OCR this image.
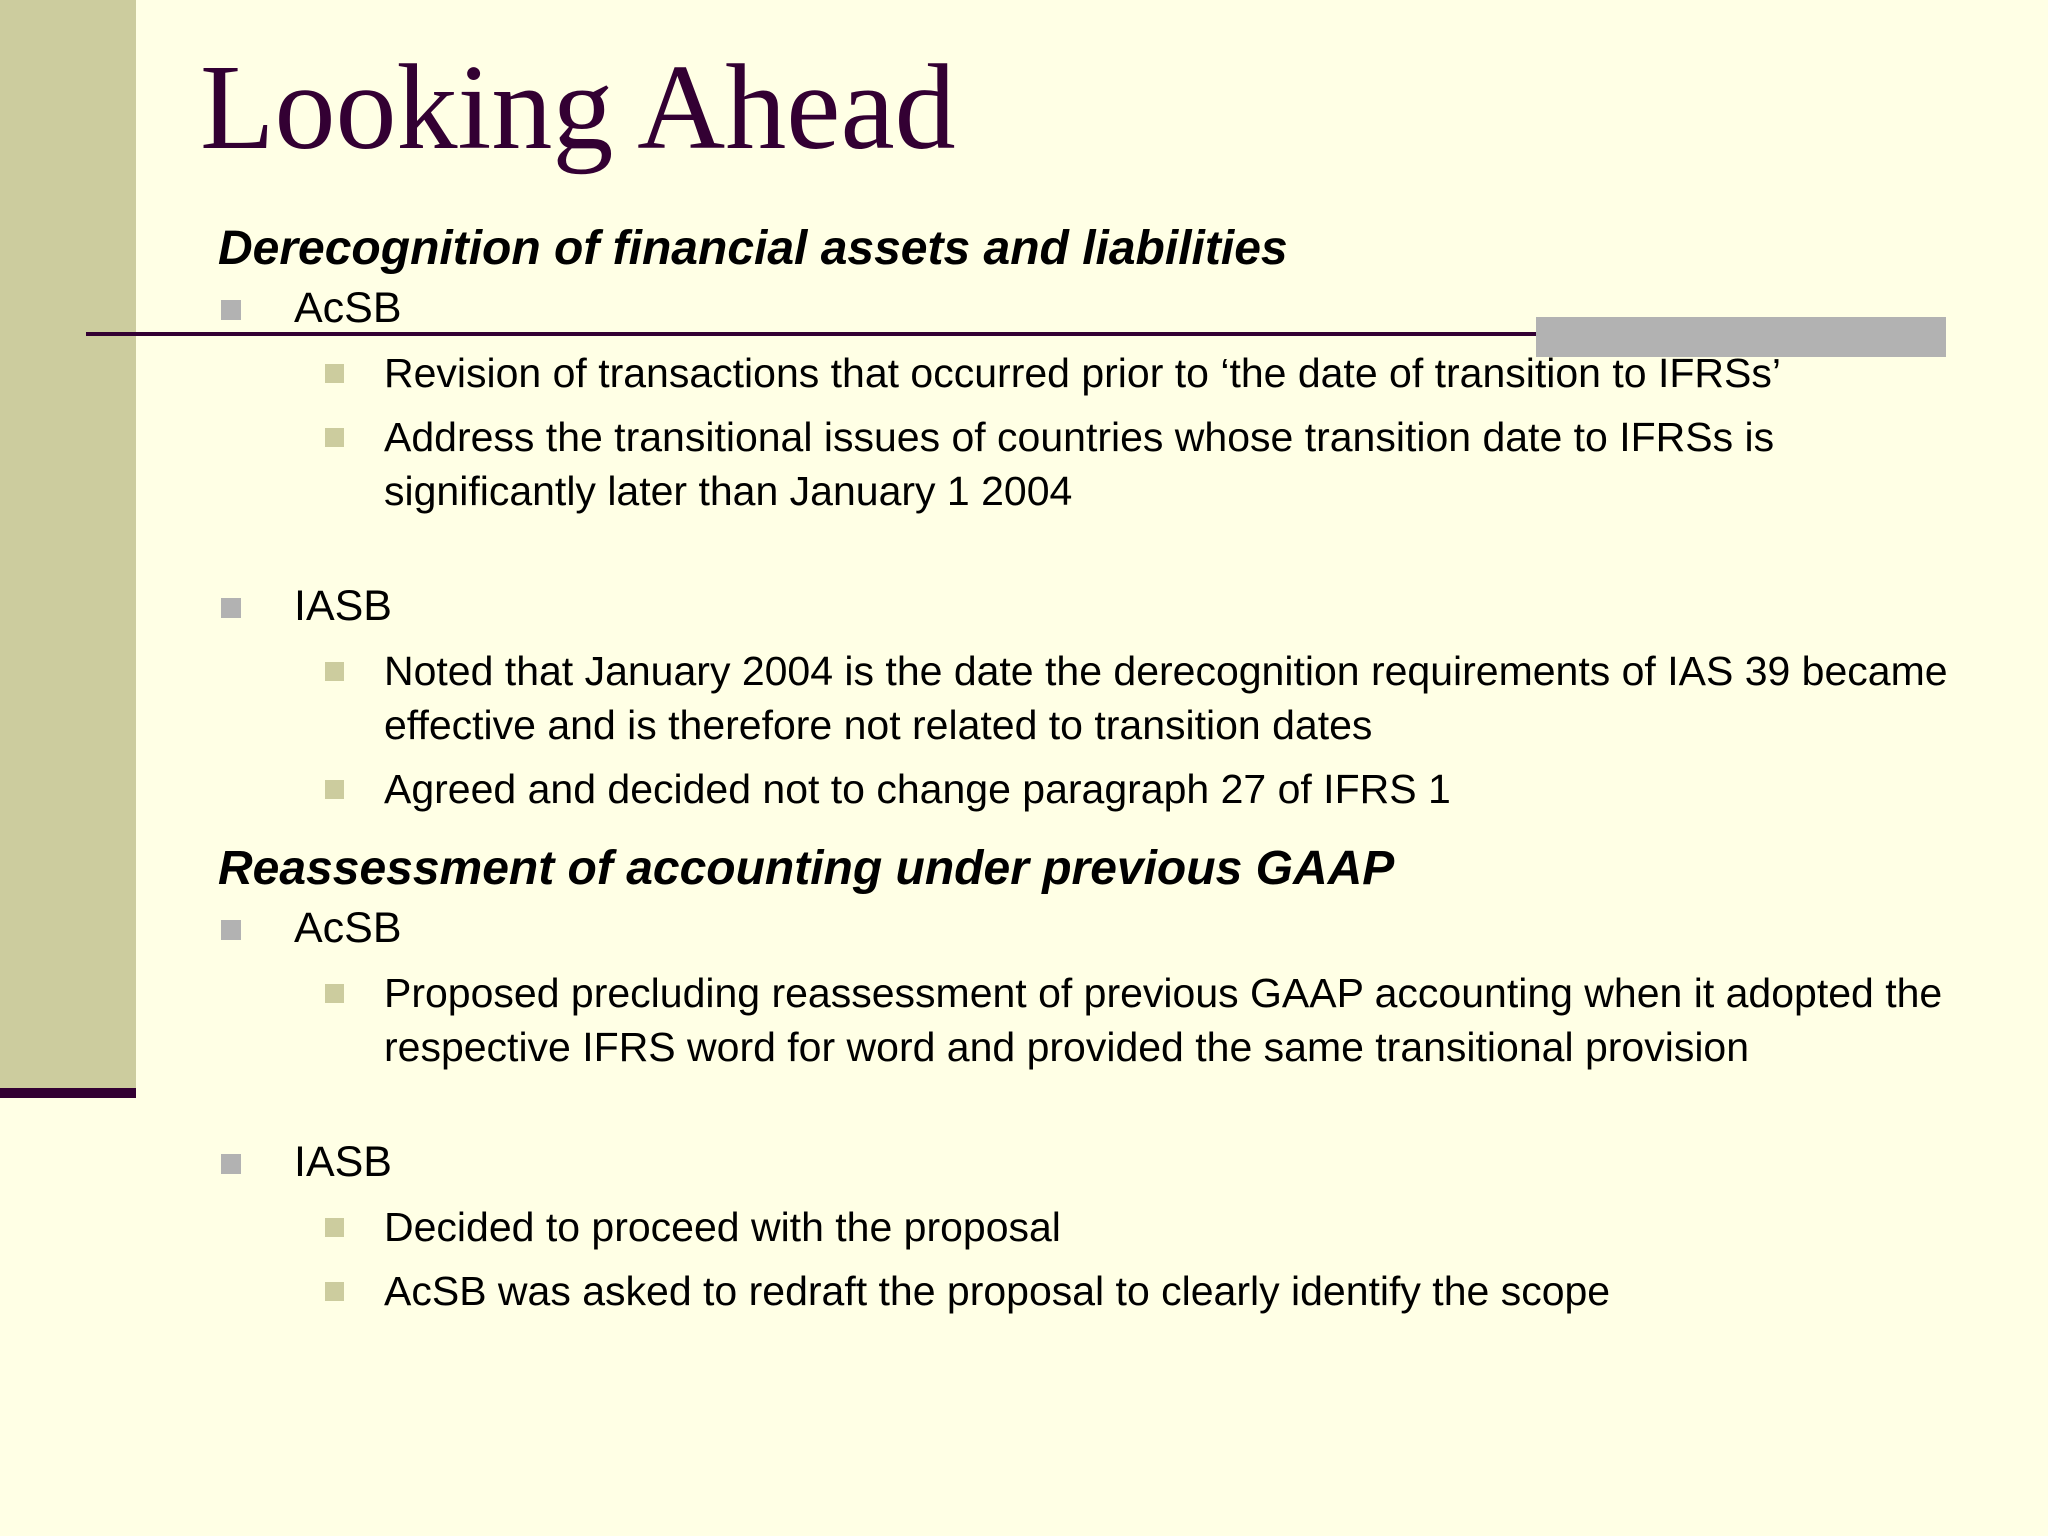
Looking Ahead
Derecognition of financial assets and liabilities
AcSB
Revision of transactions that occurred prior to ‘the date of transition to IFRSs’
Address the transitional issues of countries whose transition date to IFRSs is significantly later than January 1 2004
IASB
Noted that January 2004 is the date the derecognition requirements of IAS 39 became effective and is therefore not related to transition dates
Agreed and decided not to change paragraph 27 of IFRS 1
Reassessment of accounting under previous GAAP
AcSB
Proposed precluding reassessment of previous GAAP accounting when it adopted the respective IFRS word for word and provided the same transitional provision
IASB
Decided to proceed with the proposal
AcSB was asked to redraft the proposal to clearly identify the scope
